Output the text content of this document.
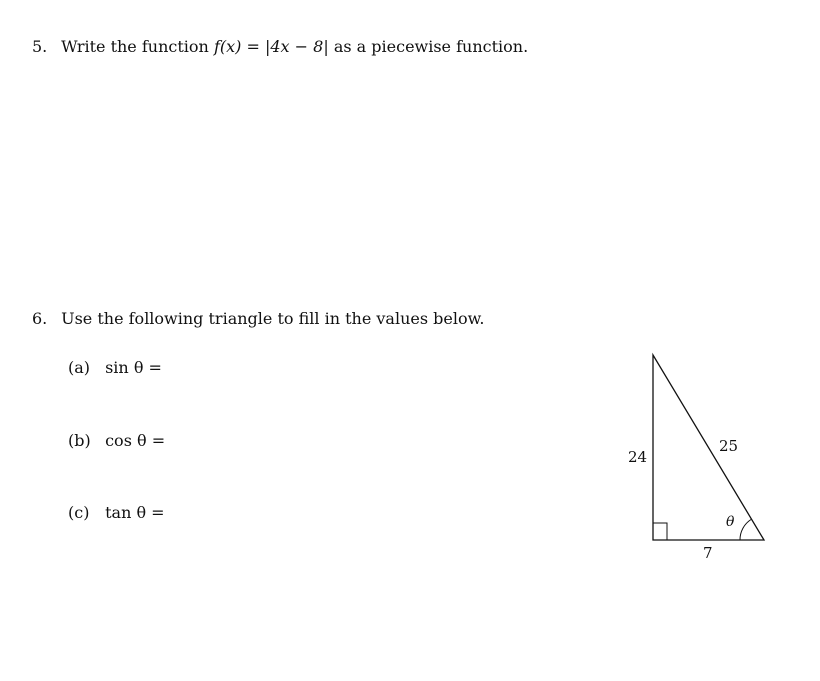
5. Write the function f(x) = |4x − 8| as a piecewise function.
6. Use the following triangle to fill in the values below.
(a) sin θ =
(b) cos θ =
(c) tan θ =
24
25
7
θ
